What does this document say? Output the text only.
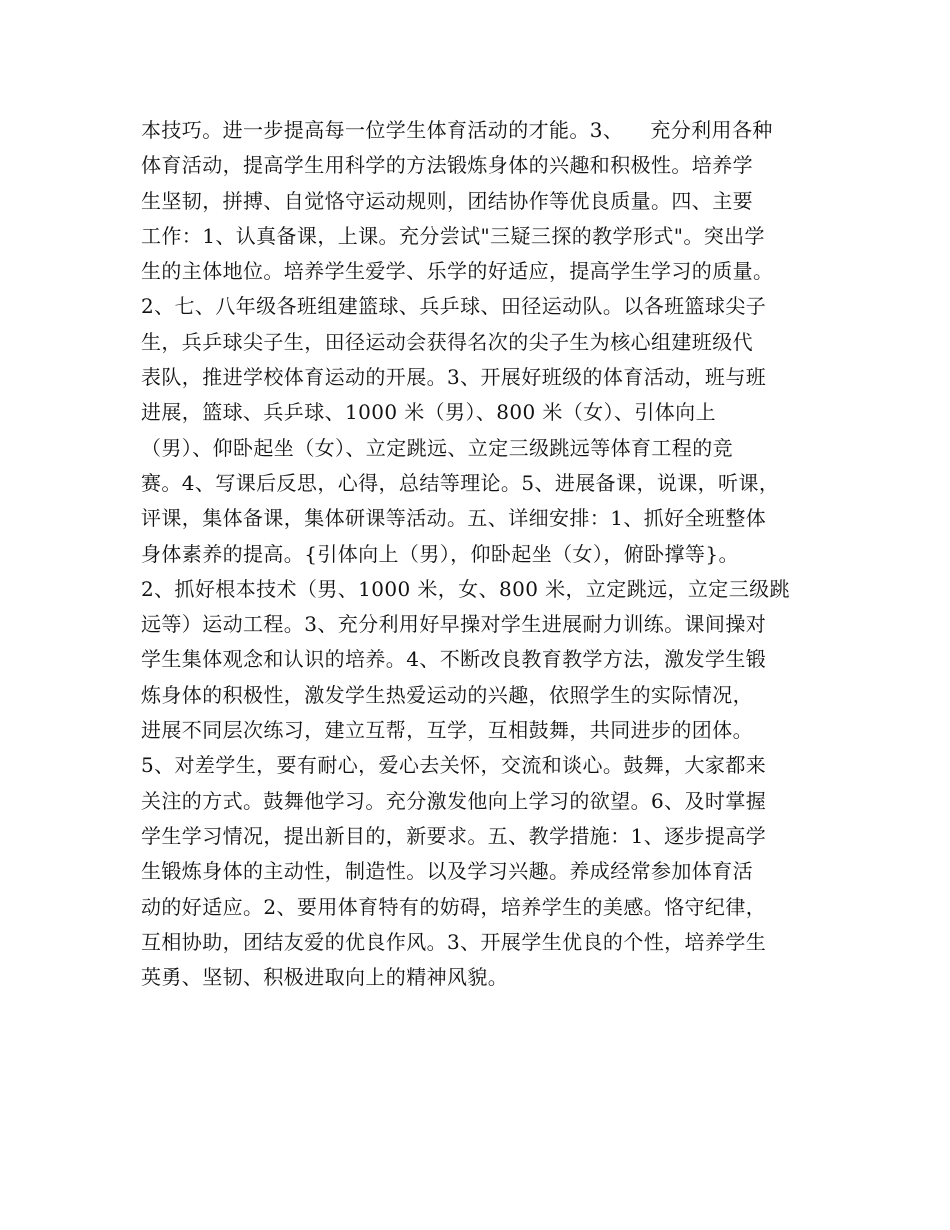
本技巧。进一步提高每一位学生体育活动的才能。3、    充分利用各种
体育活动，提高学生用科学的方法锻炼身体的兴趣和积极性。培养学
生坚韧，拼搏、自觉恪守运动规则，团结协作等优良质量。四、主要
工作：1、认真备课，上课。充分尝试"三疑三探的教学形式"。突出学
生的主体地位。培养学生爱学、乐学的好适应，提高学生学习的质量。
2、七、八年级各班组建篮球、兵乒球、田径运动队。以各班篮球尖子
生，兵乒球尖子生，田径运动会获得名次的尖子生为核心组建班级代
表队，推进学校体育运动的开展。3、开展好班级的体育活动，班与班
进展，篮球、兵乒球、1000 米（男）、800 米（女）、引体向上
（男）、仰卧起坐（女）、立定跳远、立定三级跳远等体育工程的竞
赛。4、写课后反思，心得，总结等理论。5、进展备课，说课，听课，
评课，集体备课，集体研课等活动。五、详细安排：1、抓好全班整体
身体素养的提高。{引体向上（男），仰卧起坐（女），俯卧撑等}。
2、抓好根本技术（男、1000 米，女、800 米，立定跳远，立定三级跳
远等）运动工程。3、充分利用好早操对学生进展耐力训练。课间操对
学生集体观念和认识的培养。4、不断改良教育教学方法，激发学生锻
炼身体的积极性，激发学生热爱运动的兴趣，依照学生的实际情况，
进展不同层次练习，建立互帮，互学，互相鼓舞，共同进步的团体。
5、对差学生，要有耐心，爱心去关怀，交流和谈心。鼓舞，大家都来
关注的方式。鼓舞他学习。充分激发他向上学习的欲望。6、及时掌握
学生学习情况，提出新目的，新要求。五、教学措施：1、逐步提高学
生锻炼身体的主动性，制造性。以及学习兴趣。养成经常参加体育活
动的好适应。2、要用体育特有的妨碍，培养学生的美感。恪守纪律，
互相协助，团结友爱的优良作风。3、开展学生优良的个性，培养学生
英勇、坚韧、积极进取向上的精神风貌。
